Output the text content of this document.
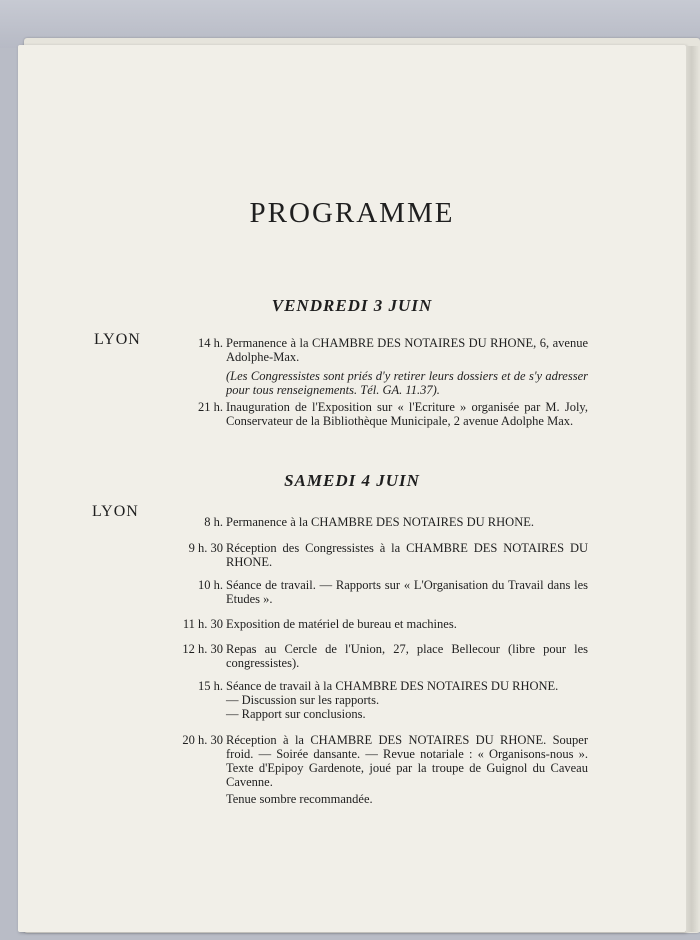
PROGRAMME
VENDREDI 3 JUIN
LYON	14 h. Permanence à la CHAMBRE DES NOTAIRES DU RHONE, 6, avenue Adolphe-Max.

(Les Congressistes sont priés d'y retirer leurs dossiers et de s'y adresser pour tous renseignements. Tél. GA. 11.37).

21 h. Inauguration de l'Exposition sur « l'Ecriture » organisée par M. Joly, Conservateur de la Bibliothèque Municipale, 2 avenue Adolphe Max.

SAMEDI 4 JUIN
LYON
8 h. Permanence à la CHAMBRE DES NOTAIRES DU RHONE.

9 h. 30 Réception des Congressistes à la CHAMBRE DES NOTAIRES DU RHONE.

10 h. Séance de travail. — Rapports sur « L'Organisation du Travail dans les Etudes ».

11 h. 30 Exposition de matériel de bureau et machines.

12 h. 30 Repas au Cercle de l'Union, 27, place Bellecour (libre pour les congressistes).

15 h. Séance de travail à la CHAMBRE DES NOTAIRES DU RHONE.

— Discussion sur les rapports.

— Rapport sur conclusions.

20 h. 30 Réception à la CHAMBRE DES NOTAIRES DU RHONE. Souper froid. — Soirée dansante. — Revue notariale : « Organisons-nous ». Texte d'Epipoy Gardenote, joué par la troupe de Guignol du Caveau Cavenne.

Tenue sombre recommandée.
